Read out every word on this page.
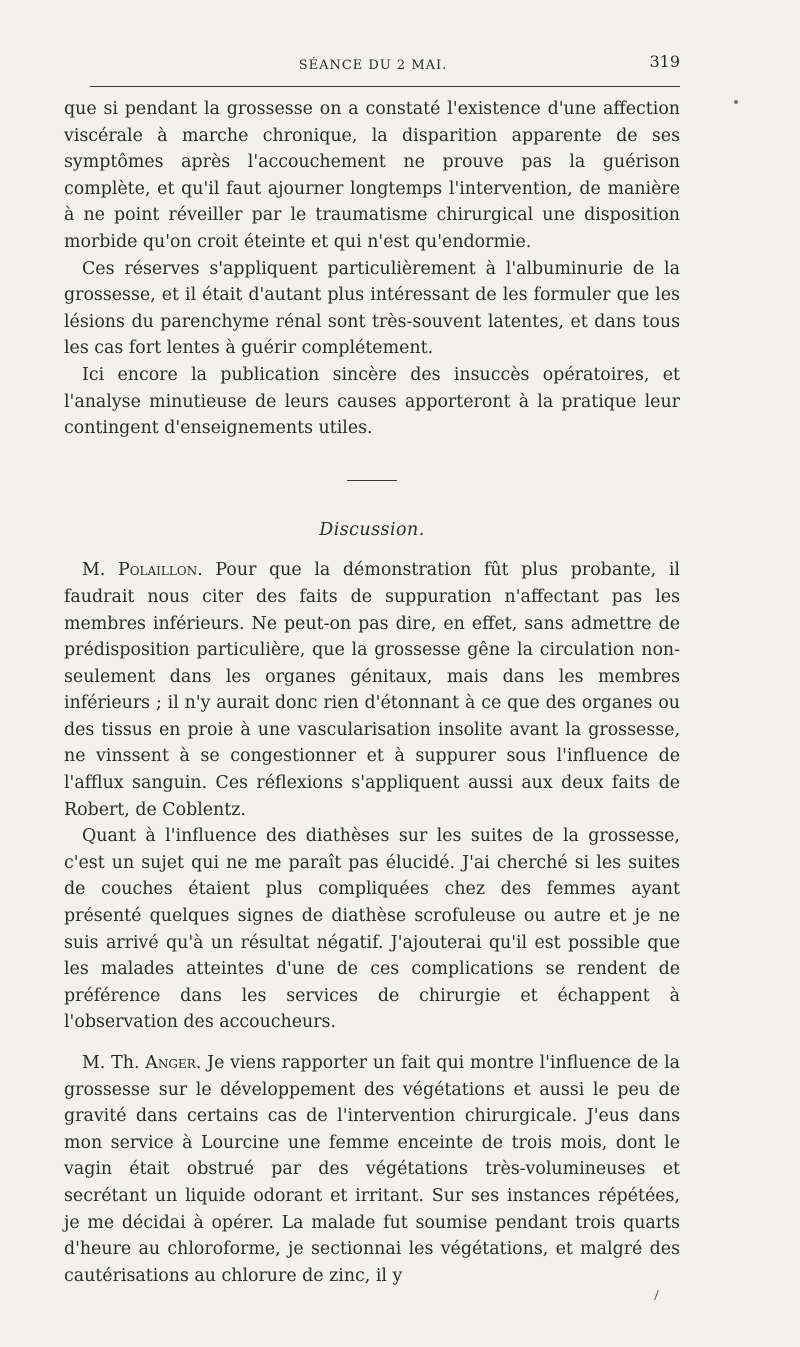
SÉANCE DU 2 MAI.	319

que si pendant la grossesse on a constaté l'existence d'une affection viscérale à marche chronique, la disparition apparente de ses symptômes après l'accouchement ne prouve pas la guérison complète, et qu'il faut ajourner longtemps l'intervention, de manière à ne point réveiller par le traumatisme chirurgical une disposition morbide qu'on croit éteinte et qui n'est qu'endormie.

Ces réserves s'appliquent particulièrement à l'albuminurie de la grossesse, et il était d'autant plus intéressant de les formuler que les lésions du parenchyme rénal sont très-souvent latentes, et dans tous les cas fort lentes à guérir complétement.

Ici encore la publication sincère des insuccès opératoires, et l'analyse minutieuse de leurs causes apporteront à la pratique leur contingent d'enseignements utiles.

Discussion.

M. Polaillon. Pour que la démonstration fût plus probante, il faudrait nous citer des faits de suppuration n'affectant pas les membres inférieurs. Ne peut-on pas dire, en effet, sans admettre de prédisposition particulière, que la grossesse gêne la circulation non-seulement dans les organes génitaux, mais dans les membres inférieurs ; il n'y aurait donc rien d'étonnant à ce que des organes ou des tissus en proie à une vascularisation insolite avant la grossesse, ne vinssent à se congestionner et à suppurer sous l'influence de l'afflux sanguin. Ces réflexions s'appliquent aussi aux deux faits de Robert, de Coblentz.

Quant à l'influence des diathèses sur les suites de la grossesse, c'est un sujet qui ne me paraît pas élucidé. J'ai cherché si les suites de couches étaient plus compliquées chez des femmes ayant présenté quelques signes de diathèse scrofuleuse ou autre et je ne suis arrivé qu'à un résultat négatif. J'ajouterai qu'il est possible que les malades atteintes d'une de ces complications se rendent de préférence dans les services de chirurgie et échappent à l'observation des accoucheurs.

M. Th. Anger. Je viens rapporter un fait qui montre l'influence de la grossesse sur le développement des végétations et aussi le peu de gravité dans certains cas de l'intervention chirurgicale. J'eus dans mon service à Lourcine une femme enceinte de trois mois, dont le vagin était obstrué par des végétations très-volumineuses et secrétant un liquide odorant et irritant. Sur ses instances répétées, je me décidai à opérer. La malade fut soumise pendant trois quarts d'heure au chloroforme, je sectionnai les végétations, et malgré des cautérisations au chlorure de zinc, il y
